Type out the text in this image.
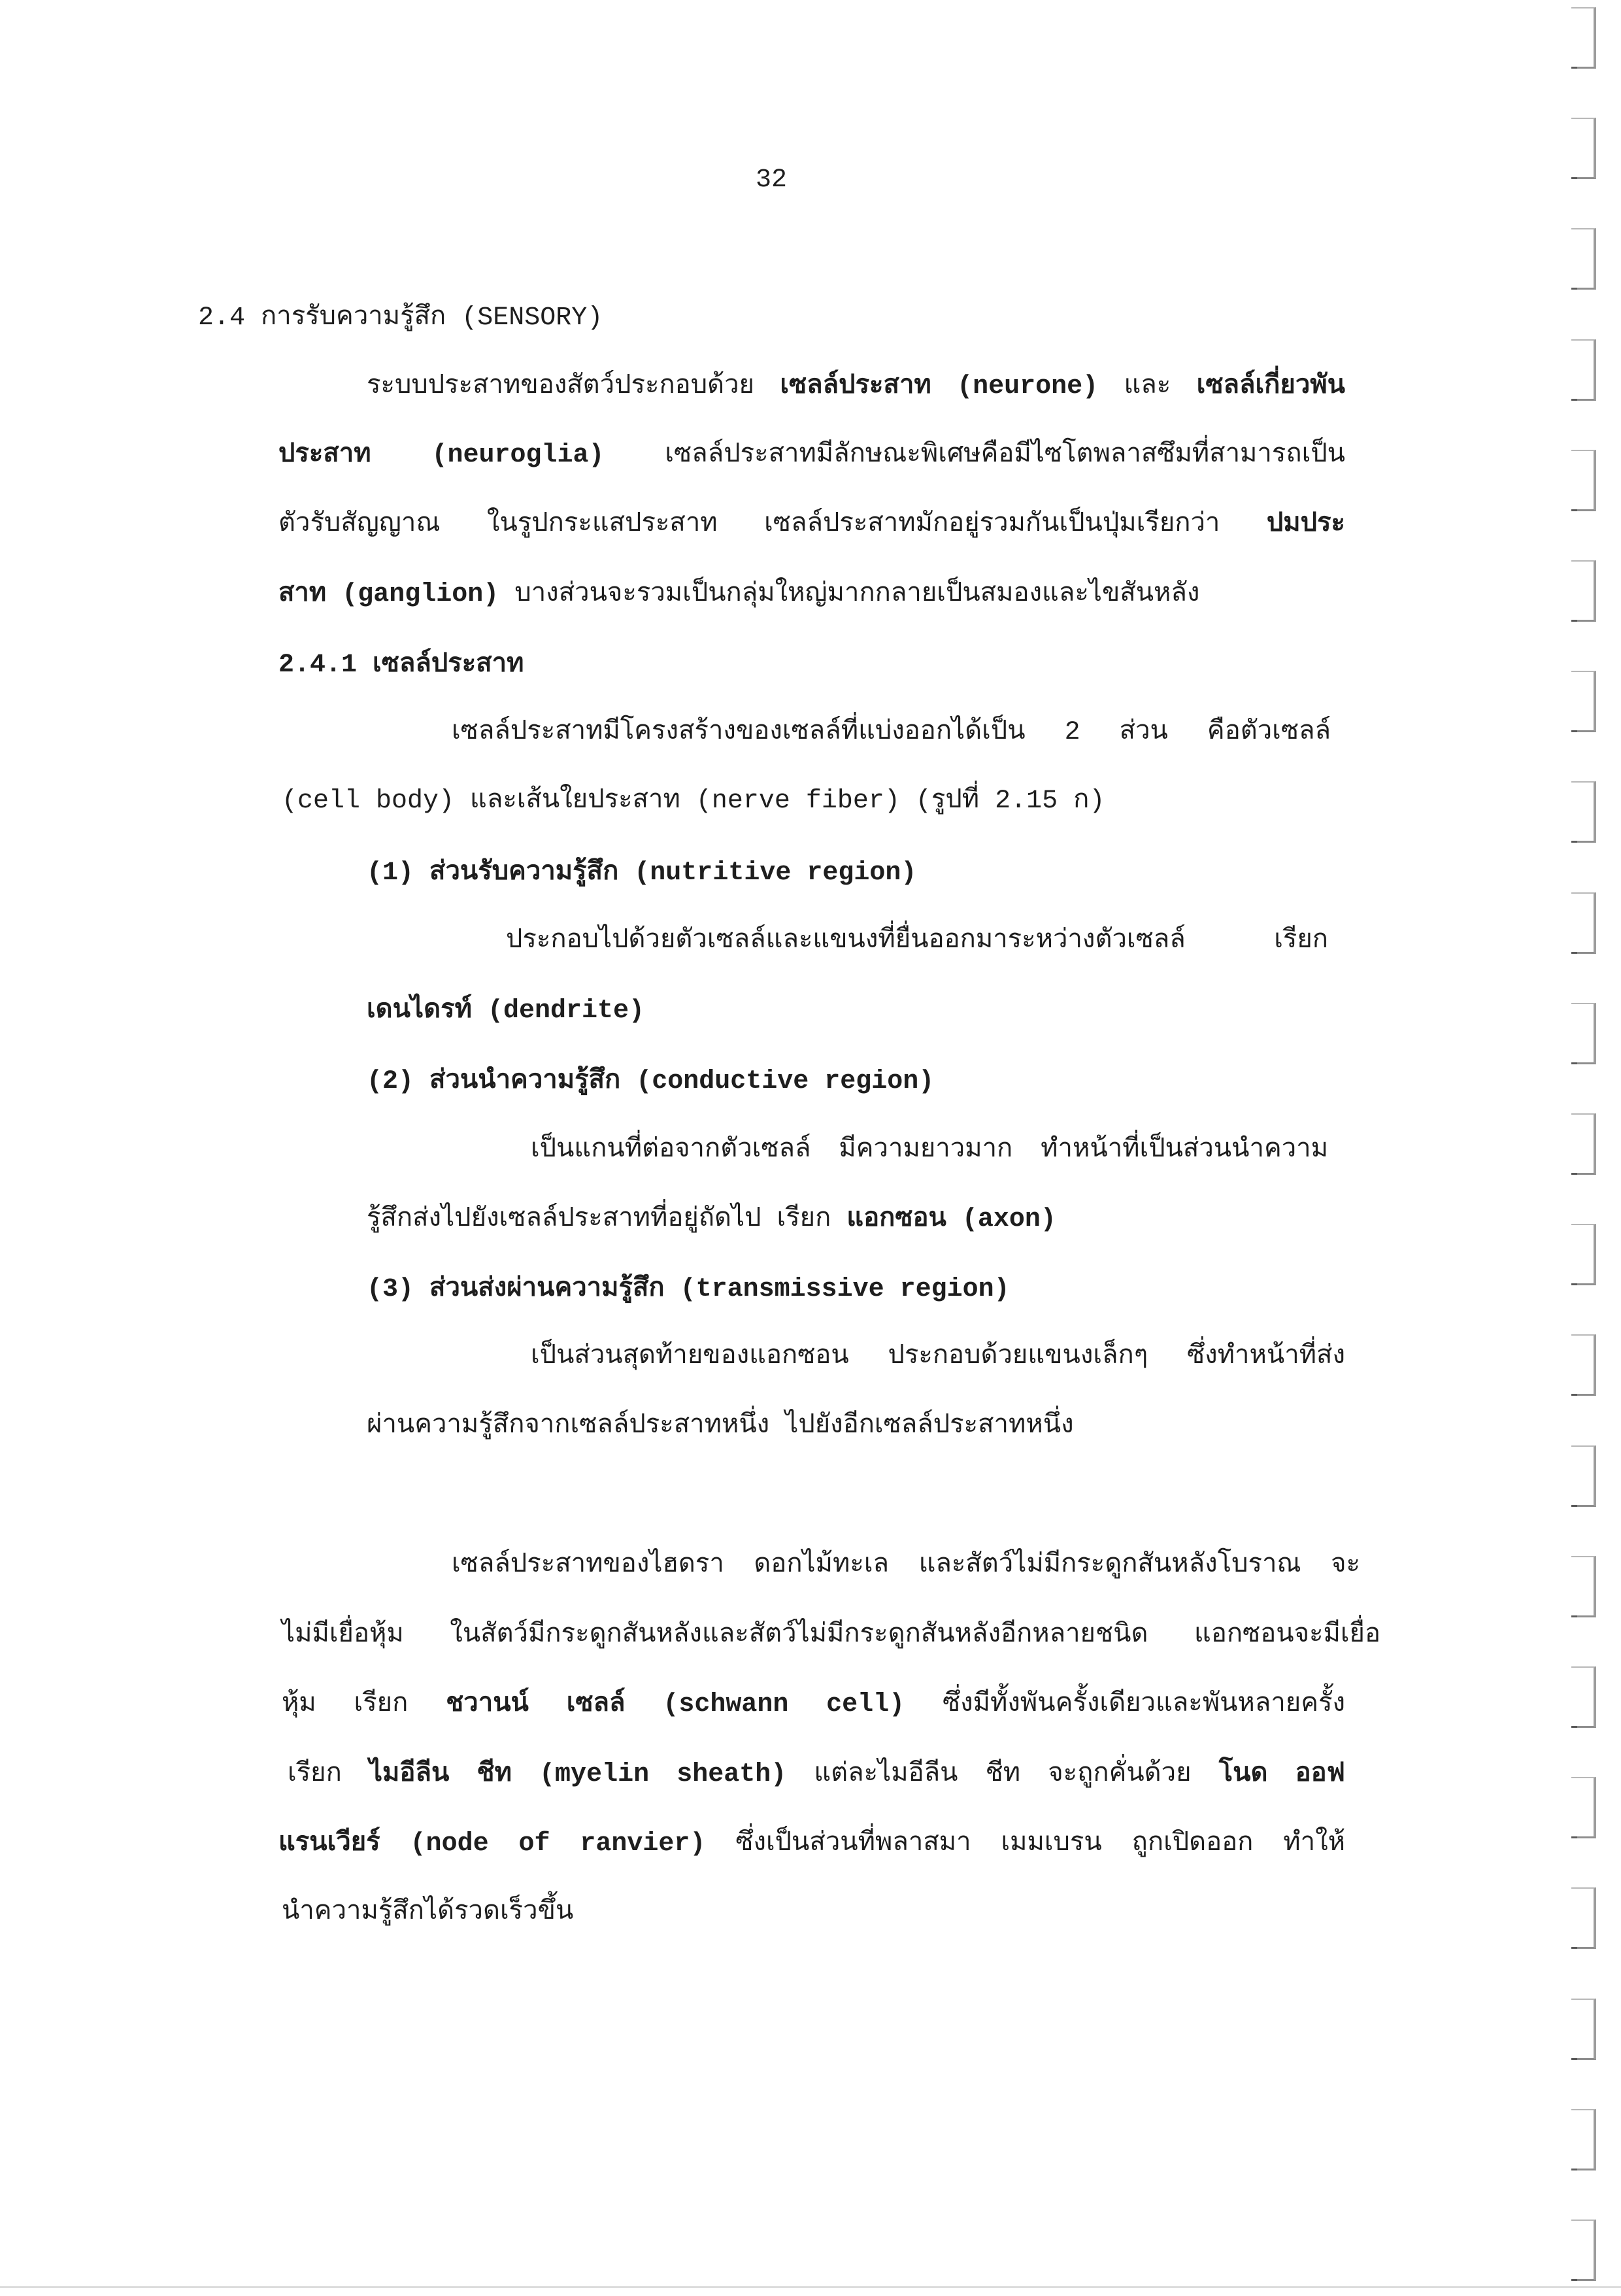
32
2.4 การรับความรู้สึก (SENSORY)
ระบบประสาทของสัตว์ประกอบด้วย เซลล์ประสาท (neurone) และ เซลล์เกี่ยวพัน
ประสาท (neuroglia) เซลล์ประสาทมีลักษณะพิเศษคือมีไซโตพลาสซึมที่สามารถเป็น
ตัวรับสัญญาณ ในรูปกระแสประสาท เซลล์ประสาทมักอยู่รวมกันเป็นปุ่มเรียกว่า ปมประ
สาท (ganglion) บางส่วนจะรวมเป็นกลุ่มใหญ่มากกลายเป็นสมองและไขสันหลัง
2.4.1 เซลล์ประสาท
เซลล์ประสาทมีโครงสร้างของเซลล์ที่แบ่งออกได้เป็น 2 ส่วน คือตัวเซลล์
(cell body) และเส้นใยประสาท (nerve fiber) (รูปที่ 2.15 ก)
(1) ส่วนรับความรู้สึก (nutritive region)
ประกอบไปด้วยตัวเซลล์และแขนงที่ยื่นออกมาระหว่างตัวเซลล์ เรียก
เดนไดรท์ (dendrite)
(2) ส่วนนำความรู้สึก (conductive region)
เป็นแกนที่ต่อจากตัวเซลล์ มีความยาวมาก ทำหน้าที่เป็นส่วนนำความ
รู้สึกส่งไปยังเซลล์ประสาทที่อยู่ถัดไป เรียก แอกซอน (axon)
(3) ส่วนส่งผ่านความรู้สึก (transmissive region)
เป็นส่วนสุดท้ายของแอกซอน ประกอบด้วยแขนงเล็กๆ ซึ่งทำหน้าที่ส่ง
ผ่านความรู้สึกจากเซลล์ประสาทหนึ่ง ไปยังอีกเซลล์ประสาทหนึ่ง
เซลล์ประสาทของไฮดรา ดอกไม้ทะเล และสัตว์ไม่มีกระดูกสันหลังโบราณ จะ
ไม่มีเยื่อหุ้ม ในสัตว์มีกระดูกสันหลังและสัตว์ไม่มีกระดูกสันหลังอีกหลายชนิด แอกซอนจะมีเยื่อ
หุ้ม เรียก ชวานน์ เซลล์ (schwann cell) ซึ่งมีทั้งพันครั้งเดียวและพันหลายครั้ง
เรียก ไมอีลีน ชีท (myelin sheath) แต่ละไมอีลีน ชีท จะถูกคั่นด้วย โนด ออฟ
แรนเวียร์ (node of ranvier) ซึ่งเป็นส่วนที่พลาสมา เมมเบรน ถูกเปิดออก ทำให้
นำความรู้สึกได้รวดเร็วขึ้น
